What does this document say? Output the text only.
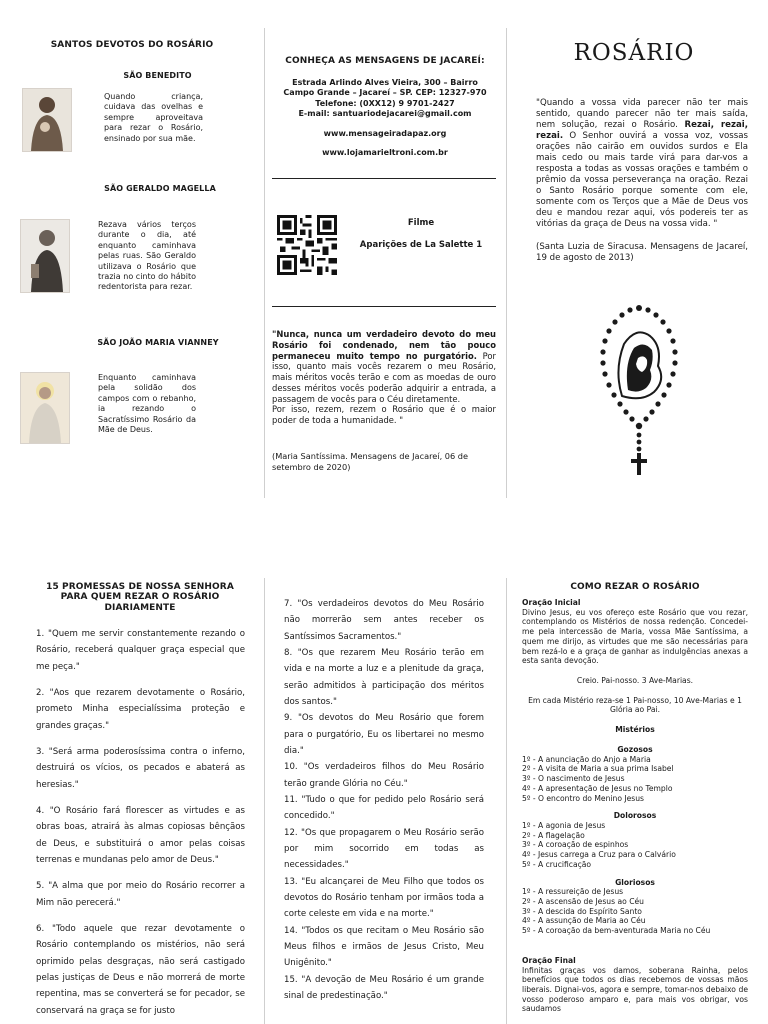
SANTOS DEVOTOS DO ROSÁRIO
SÃO BENEDITO
Quando criança, cuidava das ovelhas e sempre aproveitava para rezar o Rosário, ensinado por sua mãe.
SÃO GERALDO MAGELLA
Rezava vários terços durante o dia, até enquanto caminhava pelas ruas. São Geraldo utilizava o Rosário que trazia no cinto do hábito redentorista para rezar.
SÃO JOÃO MARIA VIANNEY
Enquanto caminhava pela solidão dos campos com o rebanho, ia rezando o Sacratíssimo Rosário da Mãe de Deus.
CONHEÇA AS MENSAGENS DE JACAREÍ:
Estrada Arlindo Alves Vieira, 300 – Bairro
Campo Grande – Jacareí – SP. CEP: 12327-970
Telefone: (0XX12) 9 9701-2427
E-mail: santuariodejacarei@gmail.com
www.mensageiradapaz.org
www.lojamarieltroni.com.br
Filme
Aparições de La Salette 1
"Nunca, nunca um verdadeiro devoto do meu Rosário foi condenado, nem tão pouco permaneceu muito tempo no purgatório. Por isso, quanto mais vocês rezarem o meu Rosário, mais méritos vocês terão e com as moedas de ouro desses méritos vocês poderão adquirir a entrada, a passagem de vocês para o Céu diretamente.
Por isso, rezem, rezem o Rosário que é o maior poder de toda a humanidade. "
(Maria Santíssima. Mensagens de Jacareí, 06 de setembro de 2020)
ROSÁRIO
"Quando a vossa vida parecer não ter mais sentido, quando parecer não ter mais saída, nem solução, rezai o Rosário. Rezai, rezai, rezai. O Senhor ouvirá a vossa voz, vossas orações não cairão em ouvidos surdos e Ela mais cedo ou mais tarde virá para dar-vos a resposta a todas as vossas orações e também o prêmio da vossa perseverança na oração. Rezai o Santo Rosário porque somente com ele, somente com os Terços que a Mãe de Deus vos deu e mandou rezar aqui, vós podereis ter as vitórias da graça de Deus na vossa vida. "
(Santa Luzia de Siracusa. Mensagens de Jacareí, 19 de agosto de 2013)
15 PROMESSAS DE NOSSA SENHORA PARA QUEM REZAR O ROSÁRIO DIARIAMENTE

1. "Quem me servir constantemente rezando o Rosário, receberá qualquer graça especial que me peça."

2. "Aos que rezarem devotamente o Rosário, prometo Minha especialíssima proteção e grandes graças."

3. "Será arma poderosíssima contra o inferno, destruirá os vícios, os pecados e abaterá as heresias."

4. "O Rosário fará florescer as virtudes e as obras boas, atrairá às almas copiosas bênçãos de Deus, e substituirá o amor pelas coisas terrenas e mundanas pelo amor de Deus."

5. "A alma que por meio do Rosário recorrer a Mim não perecerá."

6. "Todo aquele que rezar devotamente o Rosário contemplando os mistérios, não será oprimido pelas desgraças, não será castigado pelas justiças de Deus e não morrerá de morte repentina, mas se converterá se for pecador, se conservará na graça se for justo

7. "Os verdadeiros devotos do Meu Rosário não morrerão sem antes receber os Santíssimos Sacramentos."

8. "Os que rezarem Meu Rosário terão em vida e na morte a luz e a plenitude da graça, serão admitidos à participação dos méritos dos santos."

9. "Os devotos do Meu Rosário que forem para o purgatório, Eu os libertarei no mesmo dia."

10. "Os verdadeiros filhos do Meu Rosário terão grande Glória no Céu."

11. "Tudo o que for pedido pelo Rosário será concedido."

12. "Os que propagarem o Meu Rosário serão por mim socorrido em todas as necessidades."

13. "Eu alcançarei de Meu Filho que todos os devotos do Rosário tenham por irmãos toda a corte celeste em vida e na morte."

14. "Todos os que recitam o Meu Rosário são Meus filhos e irmãos de Jesus Cristo, Meu Unigênito."

15. "A devoção de Meu Rosário é um grande sinal de predestinação."

COMO REZAR O ROSÁRIO
Oração Inicial
Divino Jesus, eu vos ofereço este Rosário que vou rezar, contemplando os Mistérios de nossa redenção. Concedei-me pela intercessão de Maria, vossa Mãe Santíssima, a quem me dirijo, as virtudes que me são necessárias para bem rezá-lo e a graça de ganhar as indulgências anexas a esta santa devoção.
Creio. Pai-nosso. 3 Ave-Marias.
Em cada Mistério reza-se 1 Pai-nosso, 10 Ave-Marias e 1 Glória ao Pai.
Mistérios
Gozosos
1º - A anunciação do Anjo a Maria
2º - A visita de Maria a sua prima Isabel
3º - O nascimento de Jesus
4º - A apresentação de Jesus no Templo
5º - O encontro do Menino Jesus
Dolorosos
1º - A agonia de Jesus
2º - A flagelação
3º - A coroação de espinhos
4º - Jesus carrega a Cruz para o Calvário
5º - A crucificação
Gloriosos
1º - A ressureição de Jesus
2º - A ascensão de Jesus ao Céu
3º - A descida do Espírito Santo
4º - A assunção de Maria ao Céu
5º - A coroação da bem-aventurada Maria no Céu
Oração Final
Infinitas graças vos damos, soberana Rainha, pelos benefícios que todos os dias recebemos de vossas mãos liberais. Dignai-vos, agora e sempre, tomar-nos debaixo de vosso poderoso amparo e, para mais vos obrigar, vos saudamos
